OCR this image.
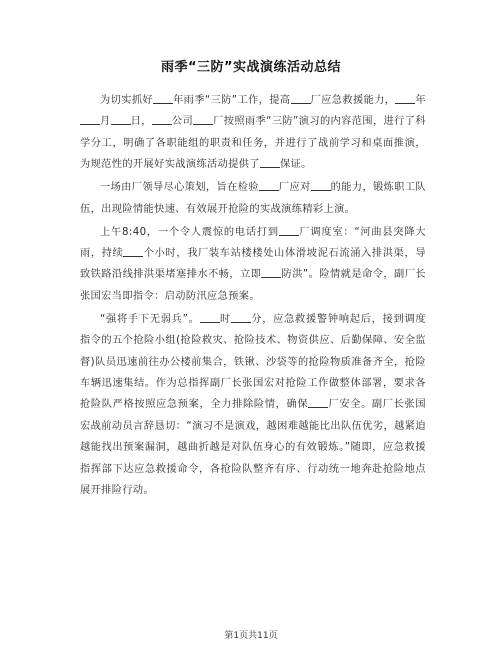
雨季“三防”实战演练活动总结

为切实抓好 年雨季“三防”工作，提高 厂应急救援能力， 年月 日， 公司 厂按照雨季“三防”演习的内容范围，进行了科学分工，明确了各职能组的职责和任务，并进行了战前学习和桌面推演，为规范性的开展好实战演练活动提供了 保证。

一场由厂领导尽心策划，旨在检验 厂应对 的能力，锻炼职工队伍，出现险情能快速、有效展开抢险的实战演练精彩上演。

上午8:40，一个令人震惊的电话打到 厂调度室：“河曲县突降大雨，持续 个小时，我厂装车站楼楼处山体滑坡泥石流涌入排洪渠，导致铁路沿线排洪渠堵塞排水不畅，立即 防洪”。险情就是命令，副厂长张国宏当即指令：启动防汛应急预案。

“强将手下无弱兵”。 时 分，应急救援警钟响起后，接到调度指令的五个抢险小组(抢险救灾、抢险技术、物资供应、后勤保障、安全监督)队员迅速前往办公楼前集合，铁锹、沙袋等的抢险物质准备齐全，抢险车辆迅速集结。作为总指挥副厂长张国宏对抢险工作做整体部署，要求各抢险队严格按照应急预案，全力排除险情，确保 厂安全。副厂长张国宏战前动员言辞恳切：“演习不是演戏，越困难越能比出队伍优劣，越紧迫越能找出预案漏洞，越曲折越是对队伍身心的有效锻炼。”随即，应急救援指挥部下达应急救援命令，各抢险队整齐有序、行动统一地奔赴抢险地点展开排险行动。

第1页共11页
